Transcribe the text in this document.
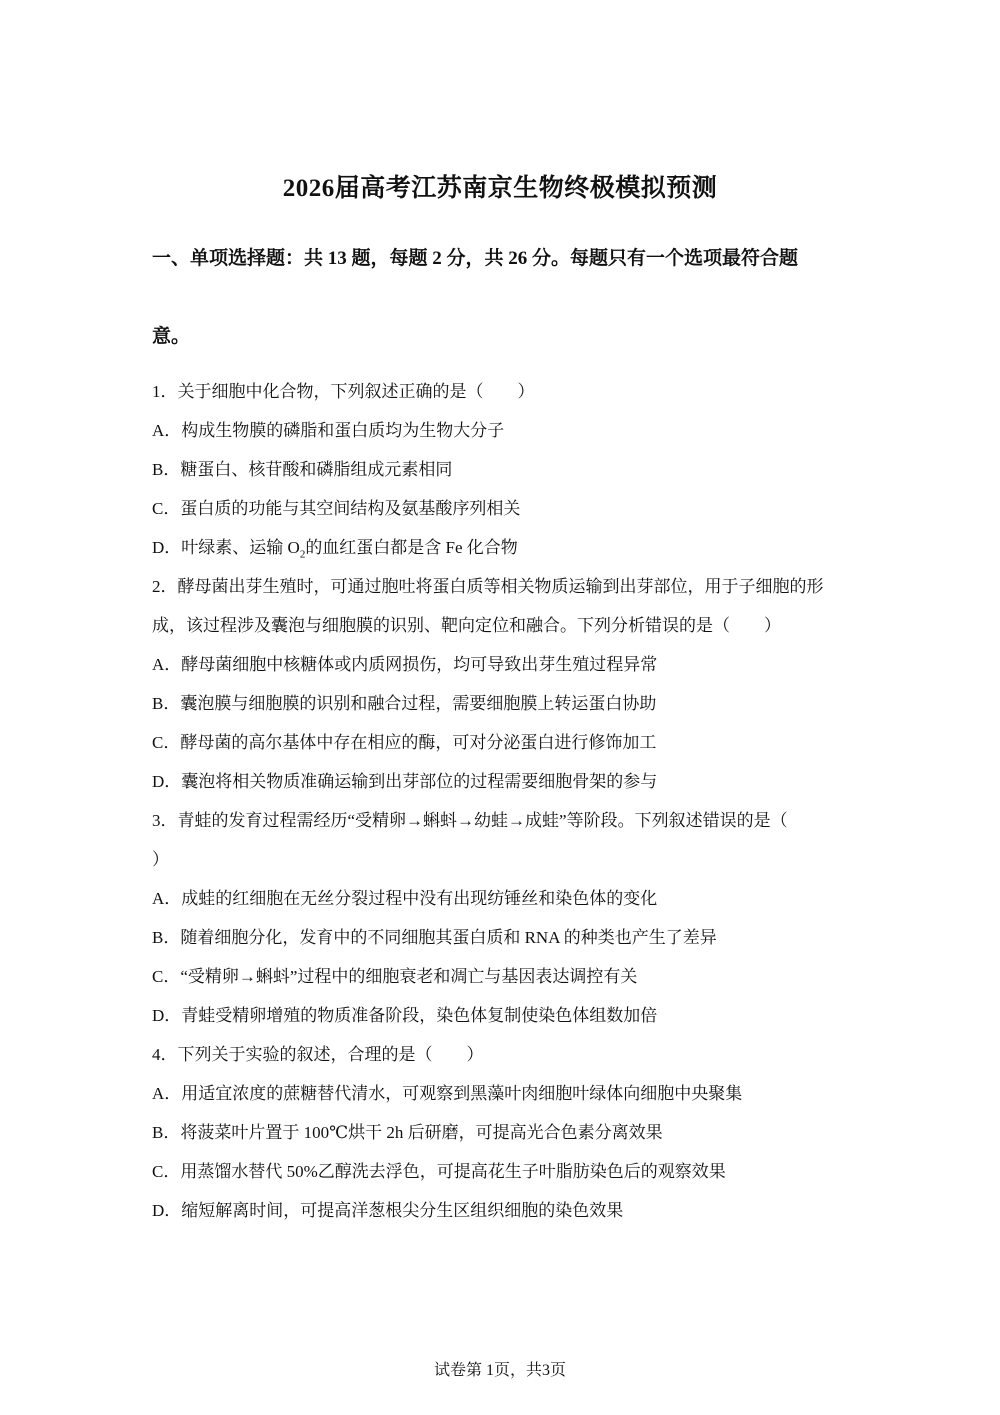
2026届高考江苏南京生物终极模拟预测
一、单项选择题：共 13 题，每题 2 分，共 26 分。每题只有一个选项最符合题
意。
1．关于细胞中化合物，下列叙述正确的是（　　）
A．构成生物膜的磷脂和蛋白质均为生物大分子
B．糖蛋白、核苷酸和磷脂组成元素相同
C．蛋白质的功能与其空间结构及氨基酸序列相关
D．叶绿素、运输 $O_2$的血红蛋白都是含 Fe 化合物
2．酵母菌出芽生殖时，可通过胞吐将蛋白质等相关物质运输到出芽部位，用于子细胞的形
成，该过程涉及囊泡与细胞膜的识别、靶向定位和融合。下列分析错误的是（　　）
A．酵母菌细胞中核糖体或内质网损伤，均可导致出芽生殖过程异常
B．囊泡膜与细胞膜的识别和融合过程，需要细胞膜上转运蛋白协助
C．酵母菌的高尔基体中存在相应的酶，可对分泌蛋白进行修饰加工
D．囊泡将相关物质准确运输到出芽部位的过程需要细胞骨架的参与
3．青蛙的发育过程需经历“受精卵→蝌蚪→幼蛙→成蛙”等阶段。下列叙述错误的是（
）
A．成蛙的红细胞在无丝分裂过程中没有出现纺锤丝和染色体的变化
B．随着细胞分化，发育中的不同细胞其蛋白质和 RNA 的种类也产生了差异
C．“受精卵→蝌蚪”过程中的细胞衰老和凋亡与基因表达调控有关
D．青蛙受精卵增殖的物质准备阶段，染色体复制使染色体组数加倍
4．下列关于实验的叙述，合理的是（　　）
A．用适宜浓度的蔗糖替代清水，可观察到黑藻叶肉细胞叶绿体向细胞中央聚集
B．将菠菜叶片置于 100℃烘干 2h 后研磨，可提高光合色素分离效果
C．用蒸馏水替代 50%乙醇洗去浮色，可提高花生子叶脂肪染色后的观察效果
D．缩短解离时间，可提高洋葱根尖分生区组织细胞的染色效果
试卷第 1页，共3页
